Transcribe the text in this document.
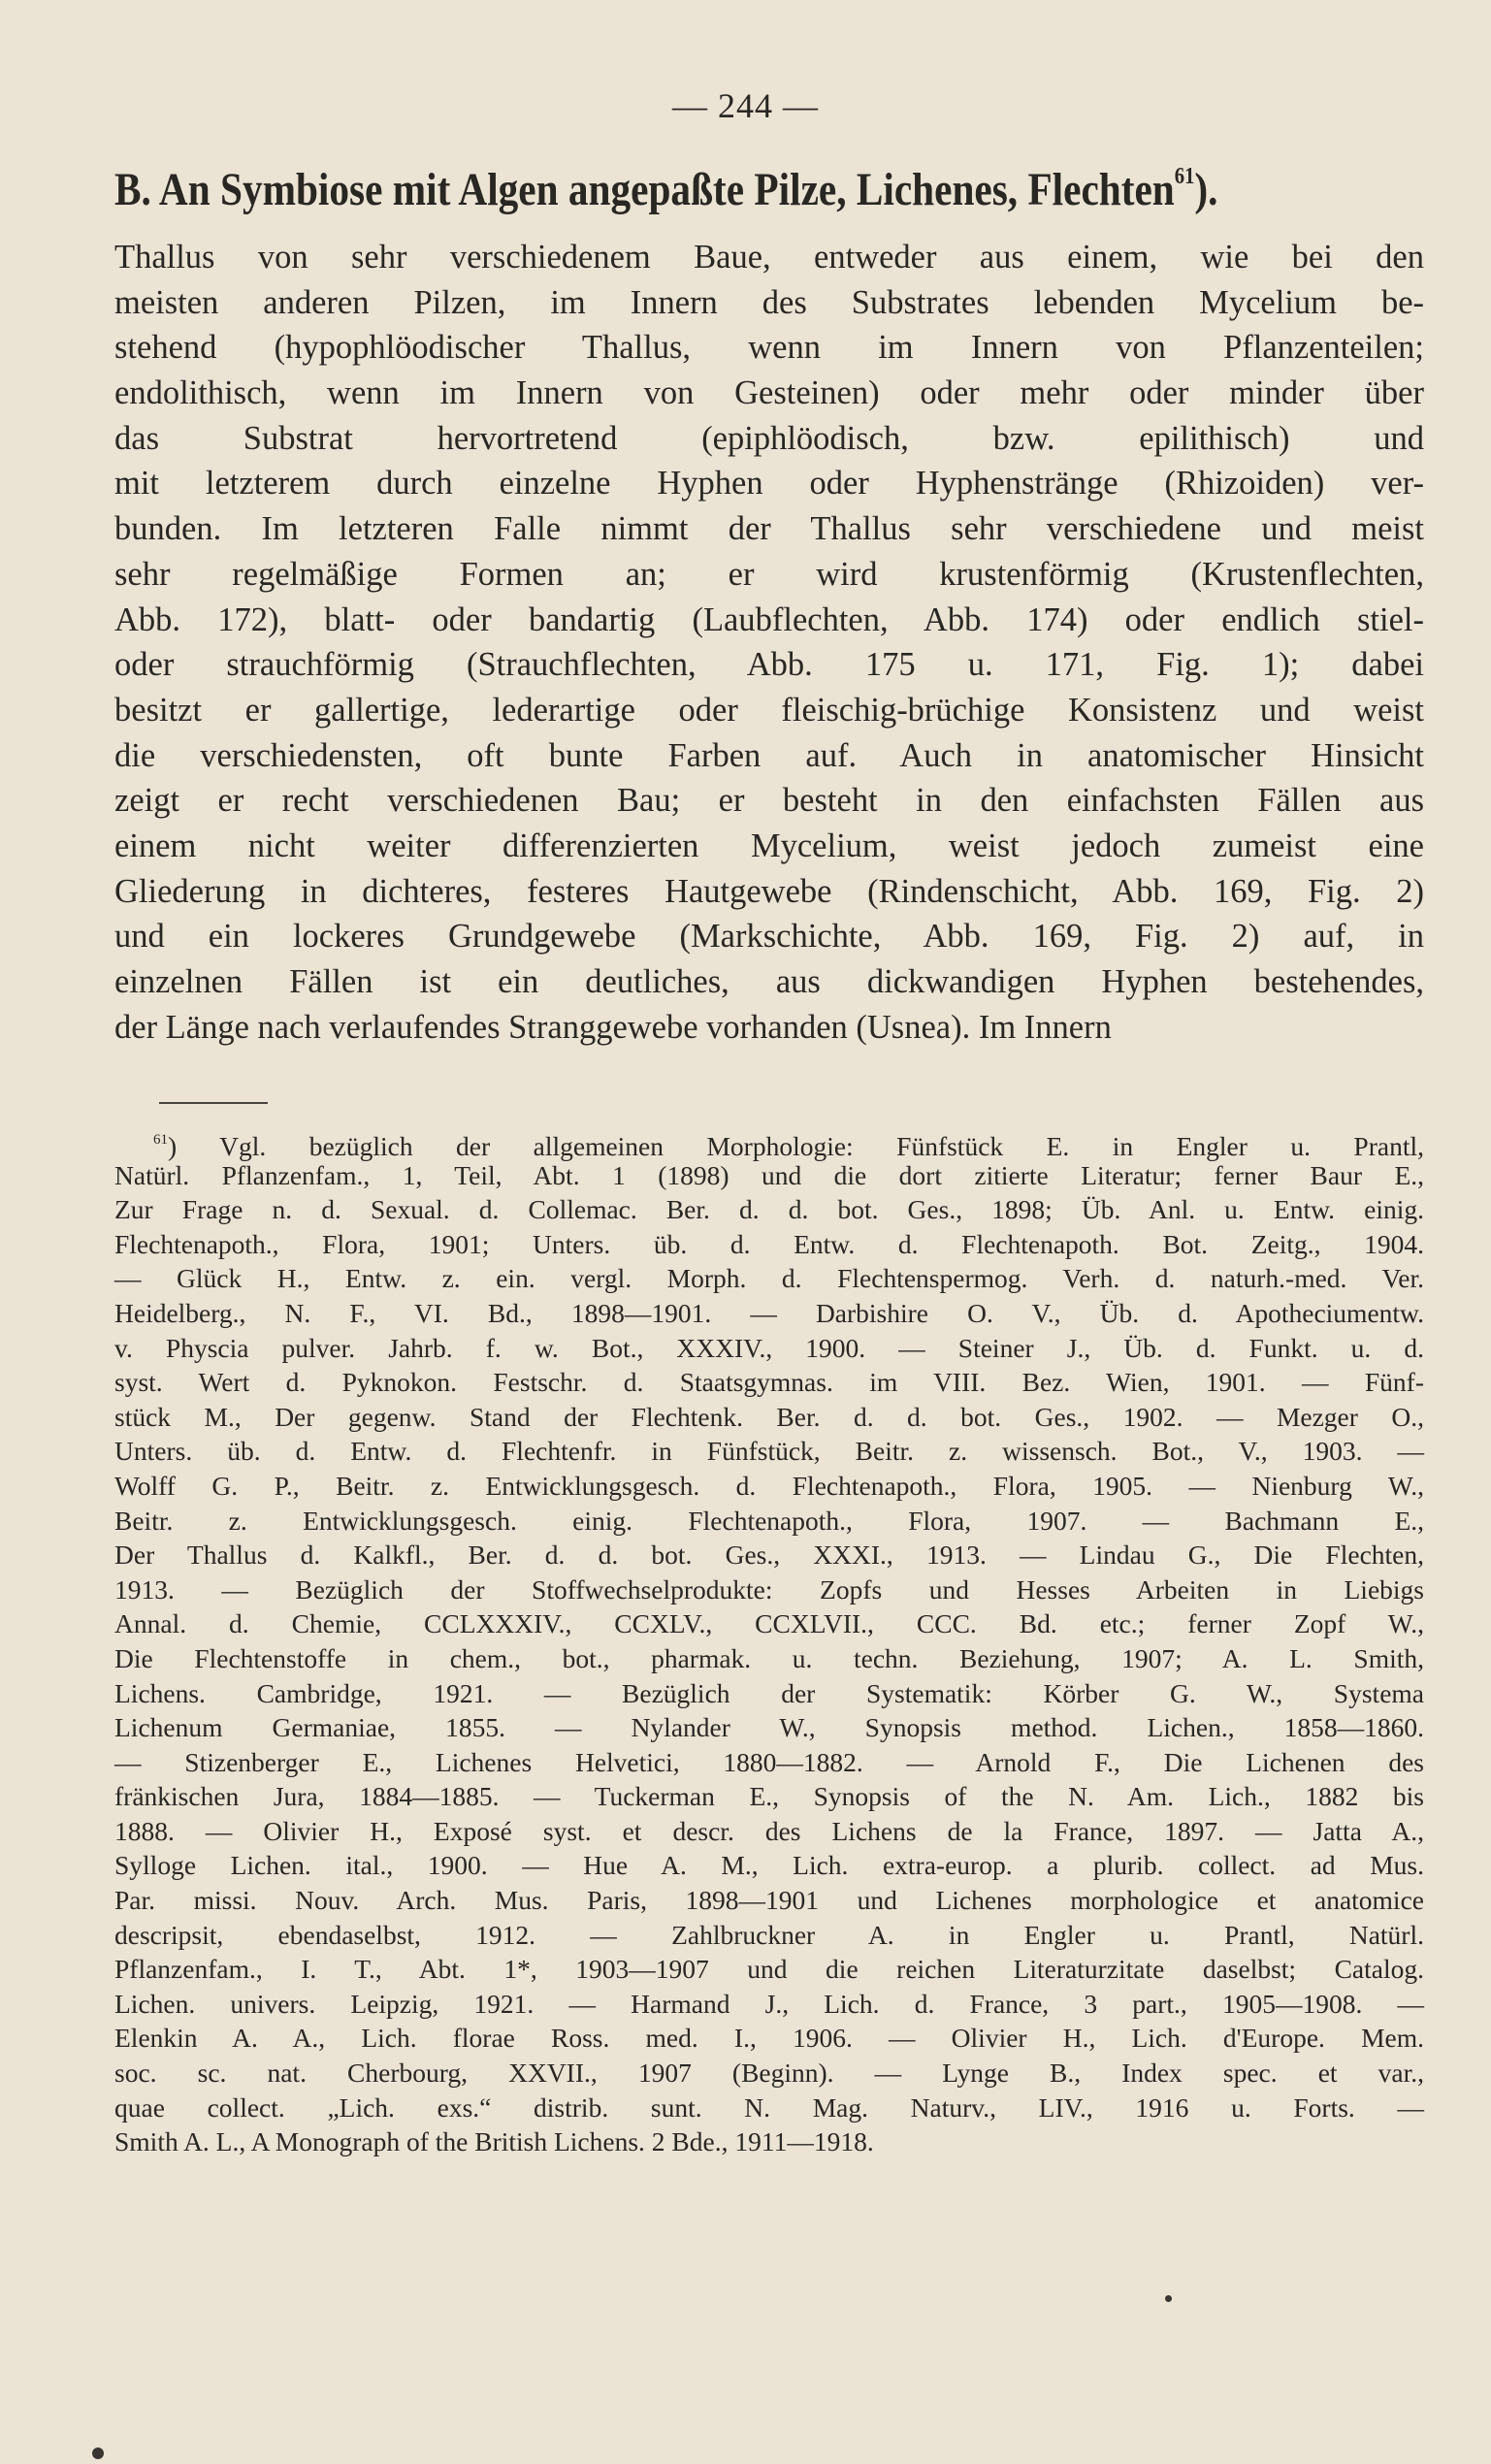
— 244 —
B. An Symbiose mit Algen angepaßte Pilze, Lichenes, Flechten$^{61}$).
Thallus von sehr verschiedenem Baue, entweder aus einem, wie bei den
meisten anderen Pilzen, im Innern des Substrates lebenden Mycelium be-
stehend (hypophlöodischer Thallus, wenn im Innern von Pflanzenteilen;
endolithisch, wenn im Innern von Gesteinen) oder mehr oder minder über
das Substrat hervortretend (epiphlöodisch, bzw. epilithisch) und
mit letzterem durch einzelne Hyphen oder Hyphenstränge (Rhizoiden) ver-
bunden. Im letzteren Falle nimmt der Thallus sehr verschiedene und meist
sehr regelmäßige Formen an; er wird krustenförmig (Krustenflechten,
Abb. 172), blatt- oder bandartig (Laubflechten, Abb. 174) oder endlich stiel-
oder strauchförmig (Strauchflechten, Abb. 175 u. 171, Fig. 1); dabei
besitzt er gallertige, lederartige oder fleischig-brüchige Konsistenz und weist
die verschiedensten, oft bunte Farben auf. Auch in anatomischer Hinsicht
zeigt er recht verschiedenen Bau; er besteht in den einfachsten Fällen aus
einem nicht weiter differenzierten Mycelium, weist jedoch zumeist eine
Gliederung in dichteres, festeres Hautgewebe (Rindenschicht, Abb. 169, Fig. 2)
und ein lockeres Grundgewebe (Markschichte, Abb. 169, Fig. 2) auf, in
einzelnen Fällen ist ein deutliches, aus dickwandigen Hyphen bestehendes,
der Länge nach verlaufendes Stranggewebe vorhanden (Usnea). Im Innern
$^{61}$) Vgl. bezüglich der allgemeinen Morphologie: Fünfstück E. in Engler u. Prantl,
Natürl. Pflanzenfam., 1, Teil, Abt. 1 (1898) und die dort zitierte Literatur; ferner Baur E.,
Zur Frage n. d. Sexual. d. Collemac. Ber. d. d. bot. Ges., 1898; Üb. Anl. u. Entw. einig.
Flechtenapoth., Flora, 1901; Unters. üb. d. Entw. d. Flechtenapoth. Bot. Zeitg., 1904.
— Glück H., Entw. z. ein. vergl. Morph. d. Flechtenspermog. Verh. d. naturh.-med. Ver.
Heidelberg., N. F., VI. Bd., 1898—1901. — Darbishire O. V., Üb. d. Apotheciumentw.
v. Physcia pulver. Jahrb. f. w. Bot., XXXIV., 1900. — Steiner J., Üb. d. Funkt. u. d.
syst. Wert d. Pyknokon. Festschr. d. Staatsgymnas. im VIII. Bez. Wien, 1901. — Fünf-
stück M., Der gegenw. Stand der Flechtenk. Ber. d. d. bot. Ges., 1902. — Mezger O.,
Unters. üb. d. Entw. d. Flechtenfr. in Fünfstück, Beitr. z. wissensch. Bot., V., 1903. —
Wolff G. P., Beitr. z. Entwicklungsgesch. d. Flechtenapoth., Flora, 1905. — Nienburg W.,
Beitr. z. Entwicklungsgesch. einig. Flechtenapoth., Flora, 1907. — Bachmann E.,
Der Thallus d. Kalkfl., Ber. d. d. bot. Ges., XXXI., 1913. — Lindau G., Die Flechten,
1913. — Bezüglich der Stoffwechselprodukte: Zopfs und Hesses Arbeiten in Liebigs
Annal. d. Chemie, CCLXXXIV., CCXLV., CCXLVII., CCC. Bd. etc.; ferner Zopf W.,
Die Flechtenstoffe in chem., bot., pharmak. u. techn. Beziehung, 1907; A. L. Smith,
Lichens. Cambridge, 1921. — Bezüglich der Systematik: Körber G. W., Systema
Lichenum Germaniae, 1855. — Nylander W., Synopsis method. Lichen., 1858—1860.
— Stizenberger E., Lichenes Helvetici, 1880—1882. — Arnold F., Die Lichenen des
fränkischen Jura, 1884—1885. — Tuckerman E., Synopsis of the N. Am. Lich., 1882 bis
1888. — Olivier H., Exposé syst. et descr. des Lichens de la France, 1897. — Jatta A.,
Sylloge Lichen. ital., 1900. — Hue A. M., Lich. extra-europ. a plurib. collect. ad Mus.
Par. missi. Nouv. Arch. Mus. Paris, 1898—1901 und Lichenes morphologice et anatomice
descripsit, ebendaselbst, 1912. — Zahlbruckner A. in Engler u. Prantl, Natürl.
Pflanzenfam., I. T., Abt. 1*, 1903—1907 und die reichen Literaturzitate daselbst; Catalog.
Lichen. univers. Leipzig, 1921. — Harmand J., Lich. d. France, 3 part., 1905—1908. —
Elenkin A. A., Lich. florae Ross. med. I., 1906. — Olivier H., Lich. d'Europe. Mem.
soc. sc. nat. Cherbourg, XXVII., 1907 (Beginn). — Lynge B., Index spec. et var.,
quae collect. „Lich. exs.“ distrib. sunt. N. Mag. Naturv., LIV., 1916 u. Forts. —
Smith A. L., A Monograph of the British Lichens. 2 Bde., 1911—1918.
